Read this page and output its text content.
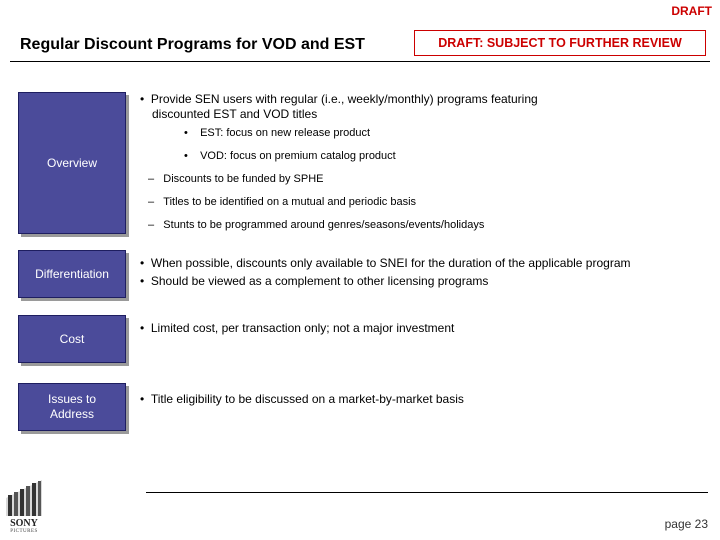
DRAFT
Regular Discount Programs for VOD and EST	DRAFT: SUBJECT TO FURTHER REVIEW
Overview
•  Provide SEN users with regular (i.e., weekly/monthly) programs featuring
discounted EST and VOD titles
•    EST: focus on new release product
•    VOD: focus on premium catalog product
–   Discounts to be funded by SPHE
–   Titles to be identified on a mutual and periodic basis
–   Stunts to be programmed around genres/seasons/events/holidays
Differentiation
•  When possible, discounts only available to SNEI for the duration of the applicable program
•  Should be viewed as a complement to other licensing programs
Cost
•  Limited cost, per transaction only; not a major investment
Issues to
Address
•  Title eligibility to be discussed on a market-by-market basis
SONY
PICTURES
page 23
